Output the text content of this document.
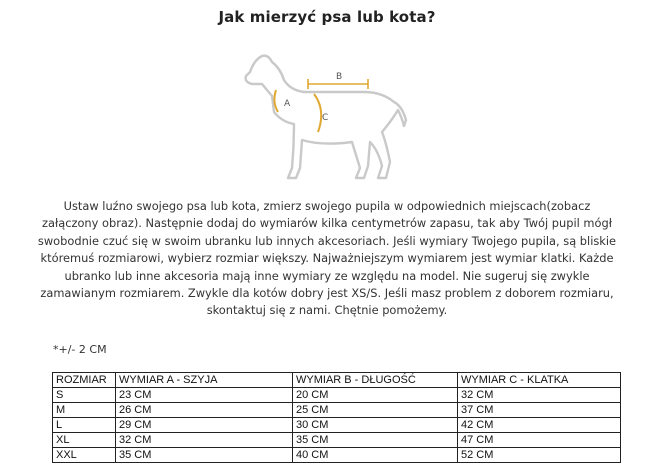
Jak mierzyć psa lub kota?
B
A
C
Ustaw luźno swojego psa lub kota, zmierz swojego pupila w odpowiednich miejscach(zobacz
załączony obraz). Następnie dodaj do wymiarów kilka centymetrów zapasu, tak aby Twój pupil mógł
swobodnie czuć się w swoim ubranku lub innych akcesoriach. Jeśli wymiary Twojego pupila, są bliskie
któremuś rozmiarowi, wybierz rozmiar większy. Najważniejszym wymiarem jest wymiar klatki. Każde
ubranko lub inne akcesoria mają inne wymiary ze względu na model. Nie sugeruj się zwykle
zamawianym rozmiarem. Zwykle dla kotów dobry jest XS/S. Jeśli masz problem z doborem rozmiaru,
skontaktuj się z nami. Chętnie pomożemy.
*+/- 2 CM
ROZMIAR	WYMIAR A - SZYJA	WYMIAR B - DŁUGOŚĆ	WYMIAR C - KLATKA
S	23 CM	20 CM	32 CM
M	26 CM	25 CM	37 CM
L	29 CM	30 CM	42 CM
XL	32 CM	35 CM	47 CM
XXL	35 CM	40 CM	52 CM
